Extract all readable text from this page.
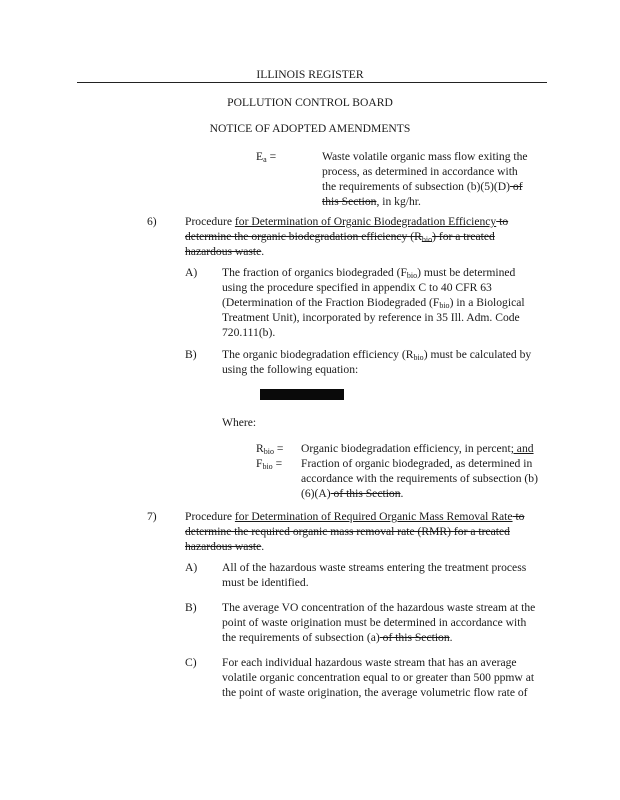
ILLINOIS REGISTER
POLLUTION CONTROL BOARD
NOTICE OF ADOPTED AMENDMENTS
$E_a$ =	Waste volatile organic mass flow exiting the process, as determined in accordance with the requirements of subsection (b)(5)(D) of this Section, in kg/hr.
6) Procedure for Determination of Organic Biodegradation Efficiency to determine the organic biodegradation efficiency $(R_{bio})$ for a treated hazardous waste.
A) The fraction of organics biodegraded $(F_{bio})$ must be determined using the procedure specified in appendix C to 40 CFR 63 (Determination of the Fraction Biodegraded $(F_{bio})$ in a Biological Treatment Unit), incorporated by reference in 35 Ill. Adm. Code 720.111(b).
B) The organic biodegradation efficiency $(R_{bio})$ must be calculated by using the following equation:
Where:
$R_{bio}$ =	Organic biodegradation efficiency, in percent; and
$F_{bio}$ =	Fraction of organic biodegraded, as determined in accordance with the requirements of subsection (b)(6)(A) of this Section.
7) Procedure for Determination of Required Organic Mass Removal Rate to determine the required organic mass removal rate (RMR) for a treated hazardous waste.
A) All of the hazardous waste streams entering the treatment process must be identified.
B) The average VO concentration of the hazardous waste stream at the point of waste origination must be determined in accordance with the requirements of subsection (a) of this Section.
C) For each individual hazardous waste stream that has an average volatile organic concentration equal to or greater than 500 ppmw at the point of waste origination, the average volumetric flow rate of
